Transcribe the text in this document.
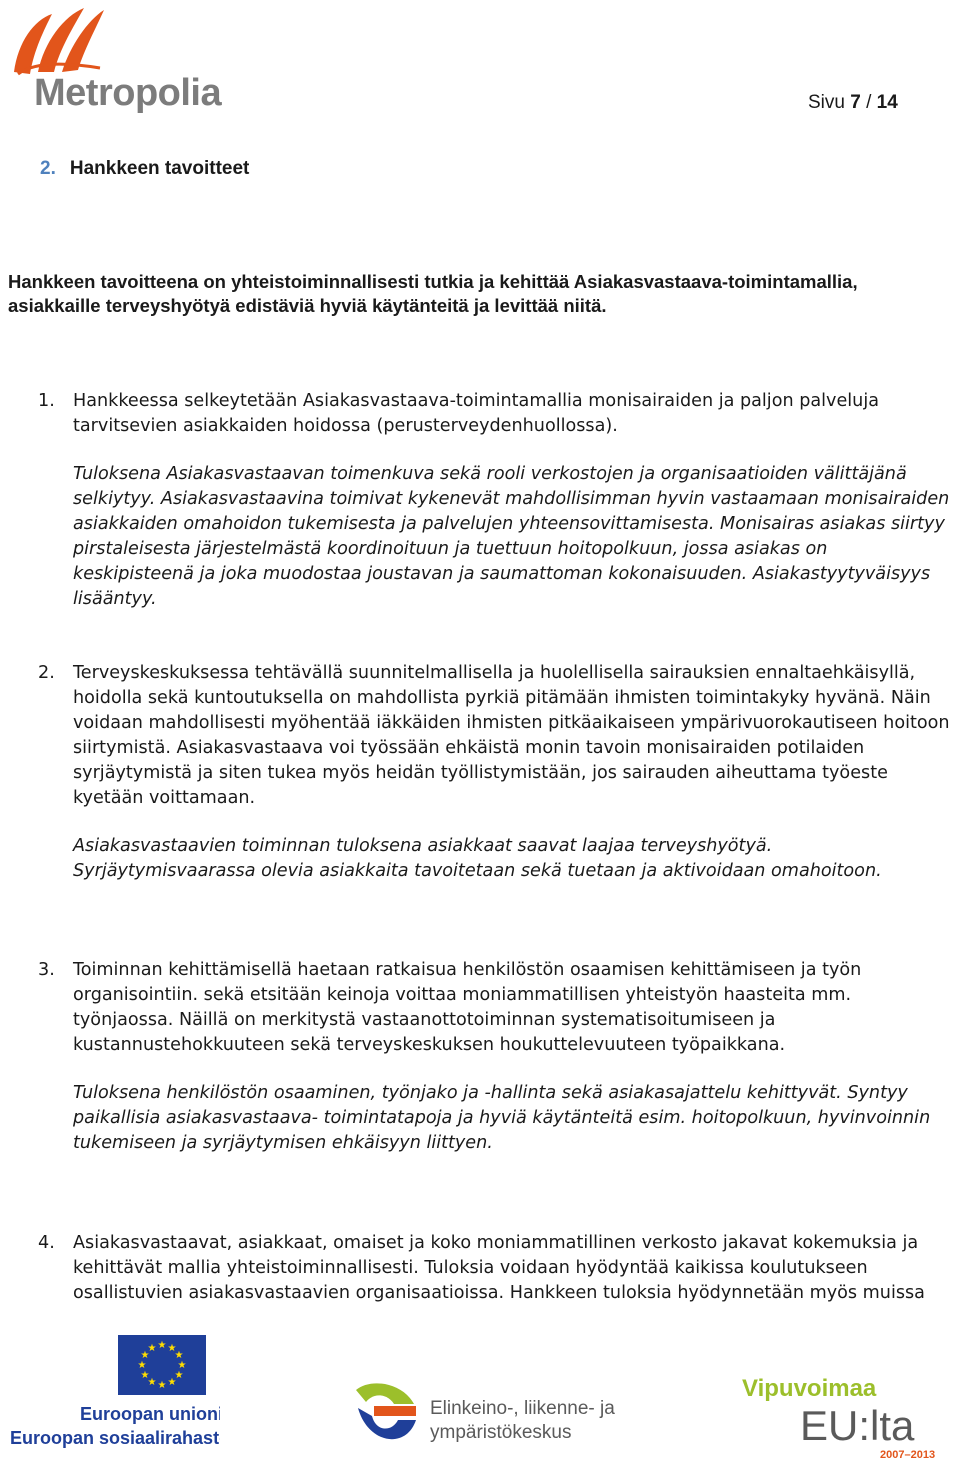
Metropolia	Sivu 7 / 14
2. Hankkeen tavoitteet
Hankkeen tavoitteena on yhteistoiminnallisesti tutkia ja kehittää Asiakasvastaava-toimintamallia, asiakkaille terveyshyötyä edistäviä hyviä käytänteitä ja levittää niitä.
1. Hankkeessa selkeytetään Asiakasvastaava-toimintamallia monisairaiden ja paljon palveluja tarvitsevien asiakkaiden hoidossa (perusterveydenhuollossa).
Tuloksena Asiakasvastaavan toimenkuva sekä rooli verkostojen ja organisaatioiden välittäjänä selkiytyy. Asiakasvastaavina toimivat kykenevät mahdollisimman hyvin vastaamaan monisairaiden asiakkaiden omahoidon tukemisesta ja palvelujen yhteensovittamisesta. Monisairas asiakas siirtyy pirstaleisesta järjestelmästä koordinoituun ja tuettuun hoitopolkuun, jossa asiakas on keskipisteenä ja joka muodostaa joustavan ja saumattoman kokonaisuuden. Asiakastyytyväisyys lisääntyy.
2. Terveyskeskuksessa tehtävällä suunnitelmallisella ja huolellisella sairauksien ennaltaehkäisyllä, hoidolla sekä kuntoutuksella on mahdollista pyrkiä pitämään ihmisten toimintakyky hyvänä. Näin voidaan mahdollisesti myöhentää iäkkäiden ihmisten pitkäaikaiseen ympärivuorokautiseen hoitoon siirtymistä. Asiakasvastaava voi työssään ehkäistä monin tavoin monisairaiden potilaiden syrjäytymistä ja siten tukea myös heidän työllistymistään, jos sairauden aiheuttama työeste kyetään voittamaan.
Asiakasvastaavien toiminnan tuloksena asiakkaat saavat laajaa terveyshyötyä. Syrjäytymisvaarassa olevia asiakkaita tavoitetaan sekä tuetaan ja aktivoidaan omahoitoon.
3. Toiminnan kehittämisellä haetaan ratkaisua henkilöstön osaamisen kehittämiseen ja työn organisointiin. sekä etsitään keinoja voittaa moniammatillisen yhteistyön haasteita mm. työnjaossa. Näillä on merkitystä vastaanottotoiminnan systematisoitumiseen ja kustannustehokkuuteen sekä terveyskeskuksen houkuttelevuuteen työpaikkana.
Tuloksena henkilöstön osaaminen, työnjako ja -hallinta sekä asiakasajattelu kehittyvät. Syntyy paikallisia asiakasvastaava- toimintatapoja ja hyviä käytänteitä esim. hoitopolkuun, hyvinvoinnin tukemiseen ja syrjäytymisen ehkäisyyn liittyen.
4. Asiakasvastaavat, asiakkaat, omaiset ja koko moniammatillinen verkosto jakavat kokemuksia ja kehittävät mallia yhteistoiminnallisesti. Tuloksia voidaan hyödyntää kaikissa koulutukseen osallistuvien asiakasvastaavien organisaatioissa. Hankkeen tuloksia hyödynnetään myös muissa
★ ★
★
★
★
★
★
★
★
★
★
★
Euroopan unioni
Euroopan sosiaalirahasto
Elinkeino-, liikenne- ja
ympäristökeskus
Vipuvoimaa
EU:lta
2007–2013
